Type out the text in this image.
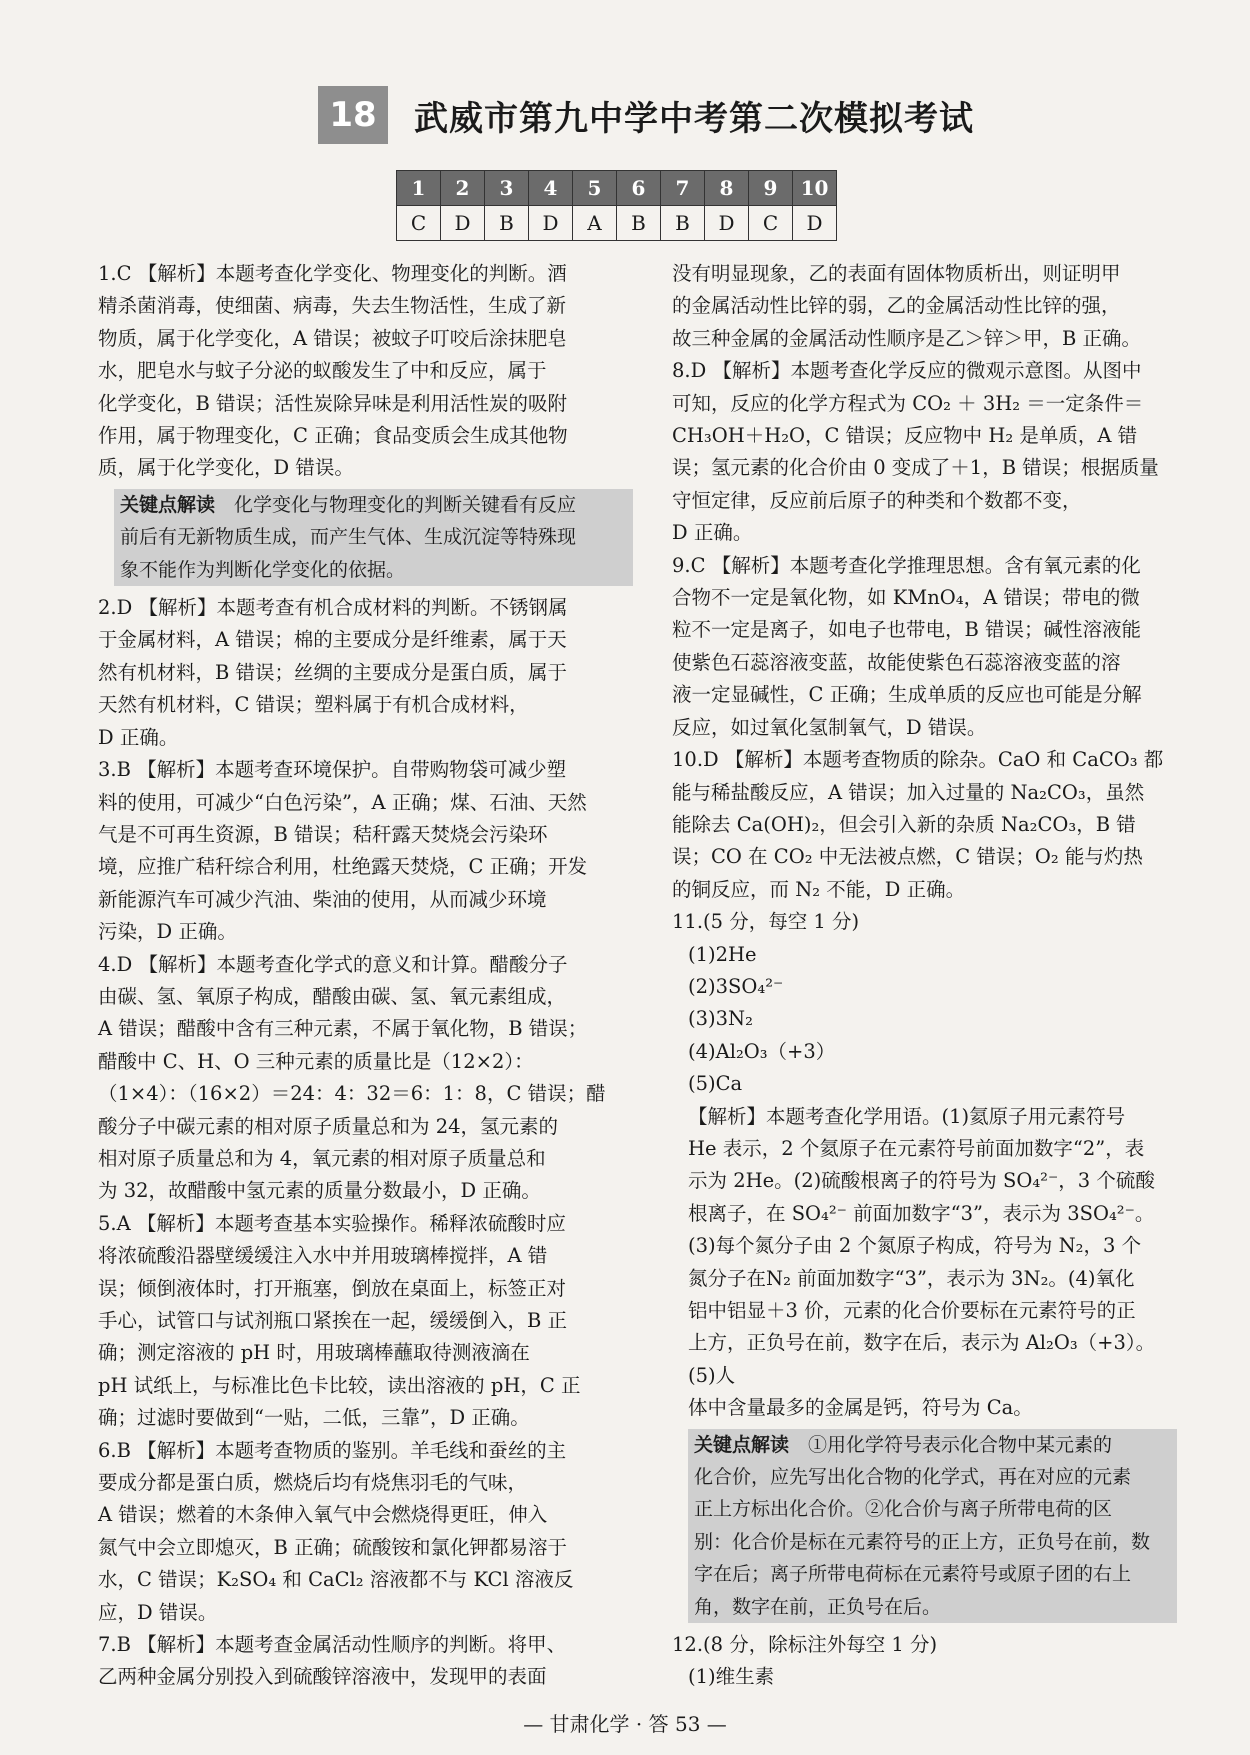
18	武威市第九中学中考第二次模拟考试
1	2	3	4	5	6	7	8	9	10
C	D	B	D	A	B	B	D	C	D
1.C 【解析】本题考查化学变化、物理变化的判断。酒
精杀菌消毒，使细菌、病毒，失去生物活性，生成了新
物质，属于化学变化，A 错误；被蚊子叮咬后涂抹肥皂
水，肥皂水与蚊子分泌的蚁酸发生了中和反应，属于
化学变化，B 错误；活性炭除异味是利用活性炭的吸附
作用，属于物理变化，C 正确；食品变质会生成其他物
质，属于化学变化，D 错误。
关键点解读　 化学变化与物理变化的判断关键看有反应
前后有无新物质生成，而产生气体、生成沉淀等特殊现
象不能作为判断化学变化的依据。
2.D 【解析】本题考查有机合成材料的判断。不锈钢属
于金属材料，A 错误；棉的主要成分是纤维素，属于天
然有机材料，B 错误；丝绸的主要成分是蛋白质，属于
天然有机材料，C 错误；塑料属于有机合成材料，
D 正确。
3.B 【解析】本题考查环境保护。自带购物袋可减少塑
料的使用，可减少“白色污染”，A 正确；煤、石油、天然
气是不可再生资源，B 错误；秸秆露天焚烧会污染环
境，应推广秸秆综合利用，杜绝露天焚烧，C 正确；开发
新能源汽车可减少汽油、柴油的使用，从而减少环境
污染，D 正确。
4.D 【解析】本题考查化学式的意义和计算。醋酸分子
由碳、氢、氧原子构成，醋酸由碳、氢、氧元素组成，
A 错误；醋酸中含有三种元素，不属于氧化物，B 错误；
醋酸中 C、H、O 三种元素的质量比是（12×2）：
（1×4）：（16×2）＝24：4：32＝6：1：8，C 错误；醋
酸分子中碳元素的相对原子质量总和为 24，氢元素的
相对原子质量总和为 4，氧元素的相对原子质量总和
为 32，故醋酸中氢元素的质量分数最小，D 正确。
5.A 【解析】本题考查基本实验操作。稀释浓硫酸时应
将浓硫酸沿器壁缓缓注入水中并用玻璃棒搅拌，A 错
误；倾倒液体时，打开瓶塞，倒放在桌面上，标签正对
手心，试管口与试剂瓶口紧挨在一起，缓缓倒入，B 正
确；测定溶液的 pH 时，用玻璃棒蘸取待测液滴在
pH 试纸上，与标准比色卡比较，读出溶液的 pH，C 正
确；过滤时要做到“一贴，二低，三靠”，D 正确。
6.B 【解析】本题考查物质的鉴别。羊毛线和蚕丝的主
要成分都是蛋白质，燃烧后均有烧焦羽毛的气味，
A 错误；燃着的木条伸入氧气中会燃烧得更旺，伸入
氮气中会立即熄灭，B 正确；硫酸铵和氯化钾都易溶于
水，C 错误；K₂SO₄ 和 CaCl₂ 溶液都不与 KCl 溶液反
应，D 错误。
7.B 【解析】本题考查金属活动性顺序的判断。将甲、
乙两种金属分别投入到硫酸锌溶液中，发现甲的表面
没有明显现象，乙的表面有固体物质析出，则证明甲
的金属活动性比锌的弱，乙的金属活动性比锌的强，
故三种金属的金属活动性顺序是乙＞锌＞甲，B 正确。
8.D 【解析】本题考查化学反应的微观示意图。从图中
可知，反应的化学方程式为 CO₂ ＋ 3H₂ ＝一定条件＝
CH₃OH＋H₂O，C 错误；反应物中 H₂ 是单质，A 错
误；氢元素的化合价由 0 变成了＋1，B 错误；根据质量
守恒定律，反应前后原子的种类和个数都不变，
D 正确。
9.C 【解析】本题考查化学推理思想。含有氧元素的化
合物不一定是氧化物，如 KMnO₄，A 错误；带电的微
粒不一定是离子，如电子也带电，B 错误；碱性溶液能
使紫色石蕊溶液变蓝，故能使紫色石蕊溶液变蓝的溶
液一定显碱性，C 正确；生成单质的反应也可能是分解
反应，如过氧化氢制氧气，D 错误。
10.D 【解析】本题考查物质的除杂。CaO 和 CaCO₃ 都
能与稀盐酸反应，A 错误；加入过量的 Na₂CO₃，虽然
能除去 Ca(OH)₂，但会引入新的杂质 Na₂CO₃，B 错
误；CO 在 CO₂ 中无法被点燃，C 错误；O₂ 能与灼热
的铜反应，而 N₂ 不能，D 正确。
11.(5 分，每空 1 分)
(1)2He
(2)3SO₄²⁻
(3)3N₂
(4)Al₂O₃（+3）
(5)Ca
【解析】本题考查化学用语。(1)氦原子用元素符号
He 表示，2 个氦原子在元素符号前面加数字“2”，表
示为 2He。(2)硫酸根离子的符号为 SO₄²⁻，3 个硫酸
根离子，在 SO₄²⁻ 前面加数字“3”，表示为 3SO₄²⁻。
(3)每个氮分子由 2 个氮原子构成，符号为 N₂，3 个
氮分子在N₂ 前面加数字“3”，表示为 3N₂。(4)氧化
铝中铝显＋3 价，元素的化合价要标在元素符号的正
上方，正负号在前，数字在后，表示为 Al₂O₃（+3）。(5)人
体中含量最多的金属是钙，符号为 Ca。
关键点解读　 ①用化学符号表示化合物中某元素的
化合价，应先写出化合物的化学式，再在对应的元素
正上方标出化合价。②化合价与离子所带电荷的区
别：化合价是标在元素符号的正上方，正负号在前，数
字在后；离子所带电荷标在元素符号或原子团的右上
角，数字在前，正负号在后。
12.(8 分，除标注外每空 1 分)
(1)维生素
— 甘肃化学 · 答 53 —
